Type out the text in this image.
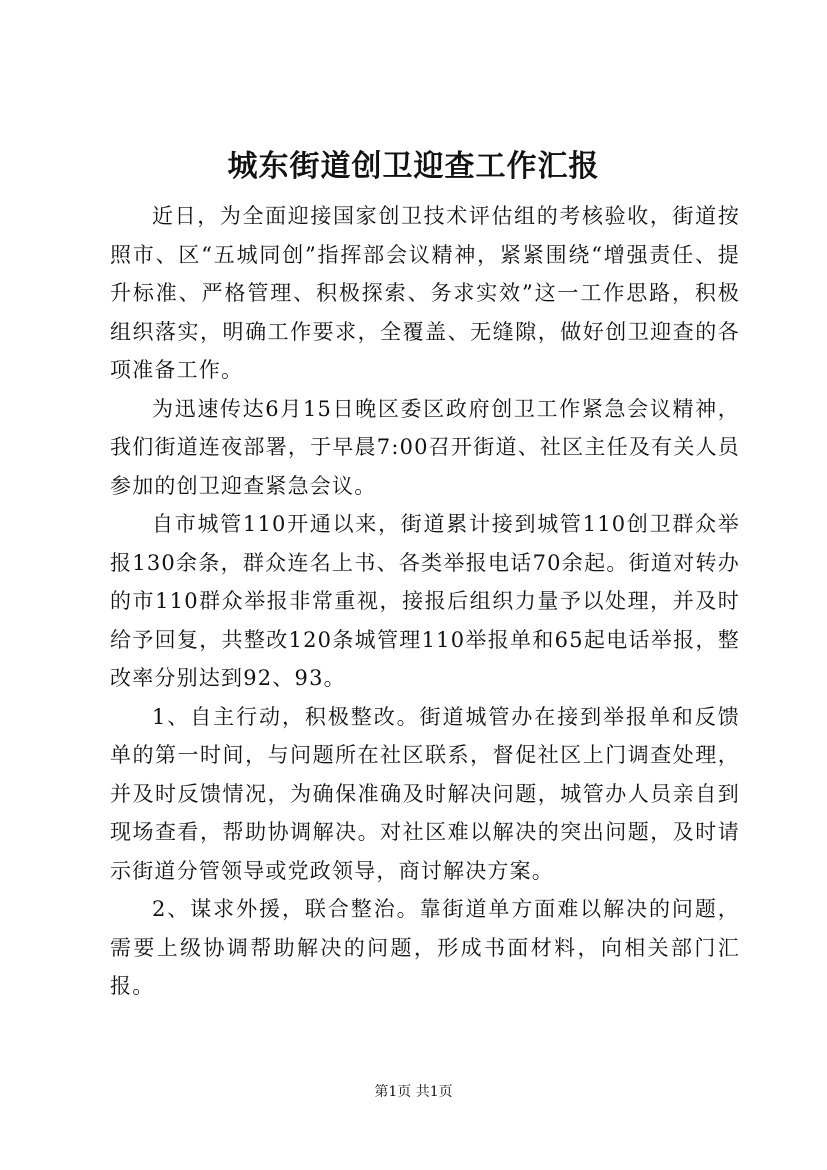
城东街道创卫迎查工作汇报

近日，为全面迎接国家创卫技术评估组的考核验收，街道按照市、区“五城同创”指挥部会议精神，紧紧围绕“增强责任、提升标准、严格管理、积极探索、务求实效”这一工作思路，积极组织落实，明确工作要求，全覆盖、无缝隙，做好创卫迎查的各项准备工作。

为迅速传达6月15日晚区委区政府创卫工作紧急会议精神，我们街道连夜部署，于早晨7:00召开街道、社区主任及有关人员参加的创卫迎查紧急会议。

自市城管110开通以来，街道累计接到城管110创卫群众举报130余条，群众连名上书、各类举报电话70余起。街道对转办的市110群众举报非常重视，接报后组织力量予以处理，并及时给予回复，共整改120条城管理110举报单和65起电话举报，整改率分别达到92、93。

1、自主行动，积极整改。街道城管办在接到举报单和反馈单的第一时间，与问题所在社区联系，督促社区上门调查处理，并及时反馈情况，为确保准确及时解决问题，城管办人员亲自到现场查看，帮助协调解决。对社区难以解决的突出问题，及时请示街道分管领导或党政领导，商讨解决方案。

2、谋求外援，联合整治。靠街道单方面难以解决的问题，需要上级协调帮助解决的问题，形成书面材料，向相关部门汇报。

第1页 共1页
